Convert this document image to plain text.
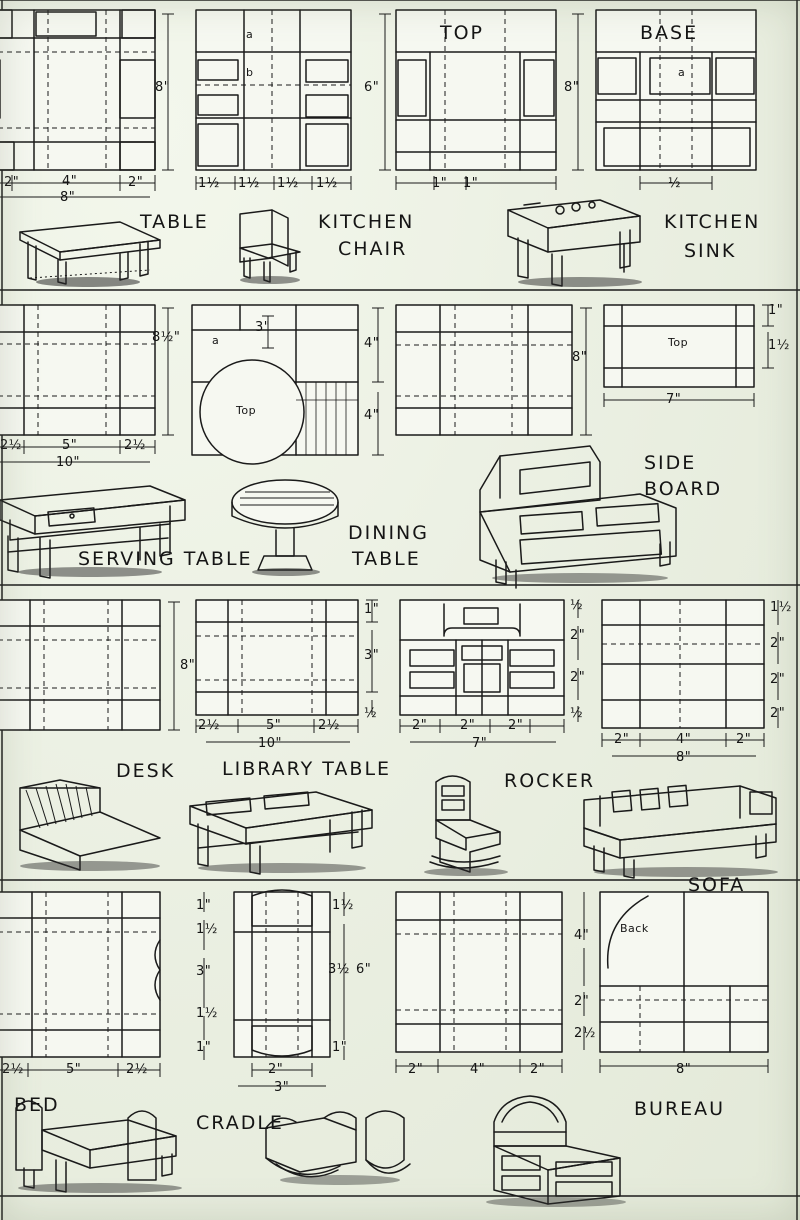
2"	4"	2"
8"
8"
1½ 1½ 1½ 1½
a
b
TOP	BASE
a
1" 1"
6"	8"
½
TABLE	KITCHEN
CHAIR
KITCHEN
SINK
2½	5"	2½
10"
8½"	a
3"
Top
4"
4"
8"
Top
7"
1"
1½
SIDE
BOARD
SERVING TABLE
DINING
TABLE
8"
2½	5"	2½
10"
1"
3"
½
2"	2"	2"
7"
½
2"
2"
½
2"	4"	2"
8"
1½
2"
2"
2"
DESK LIBRARY TABLE
ROCKER
SOFA
2½	5"	2½
1"
1½
3"
1½
1"
2"
3"
1½
3½ 6"
1"
2"	4"	2"
Back
4"
2"
2½
8"
BED
CRADLE
BUREAU
